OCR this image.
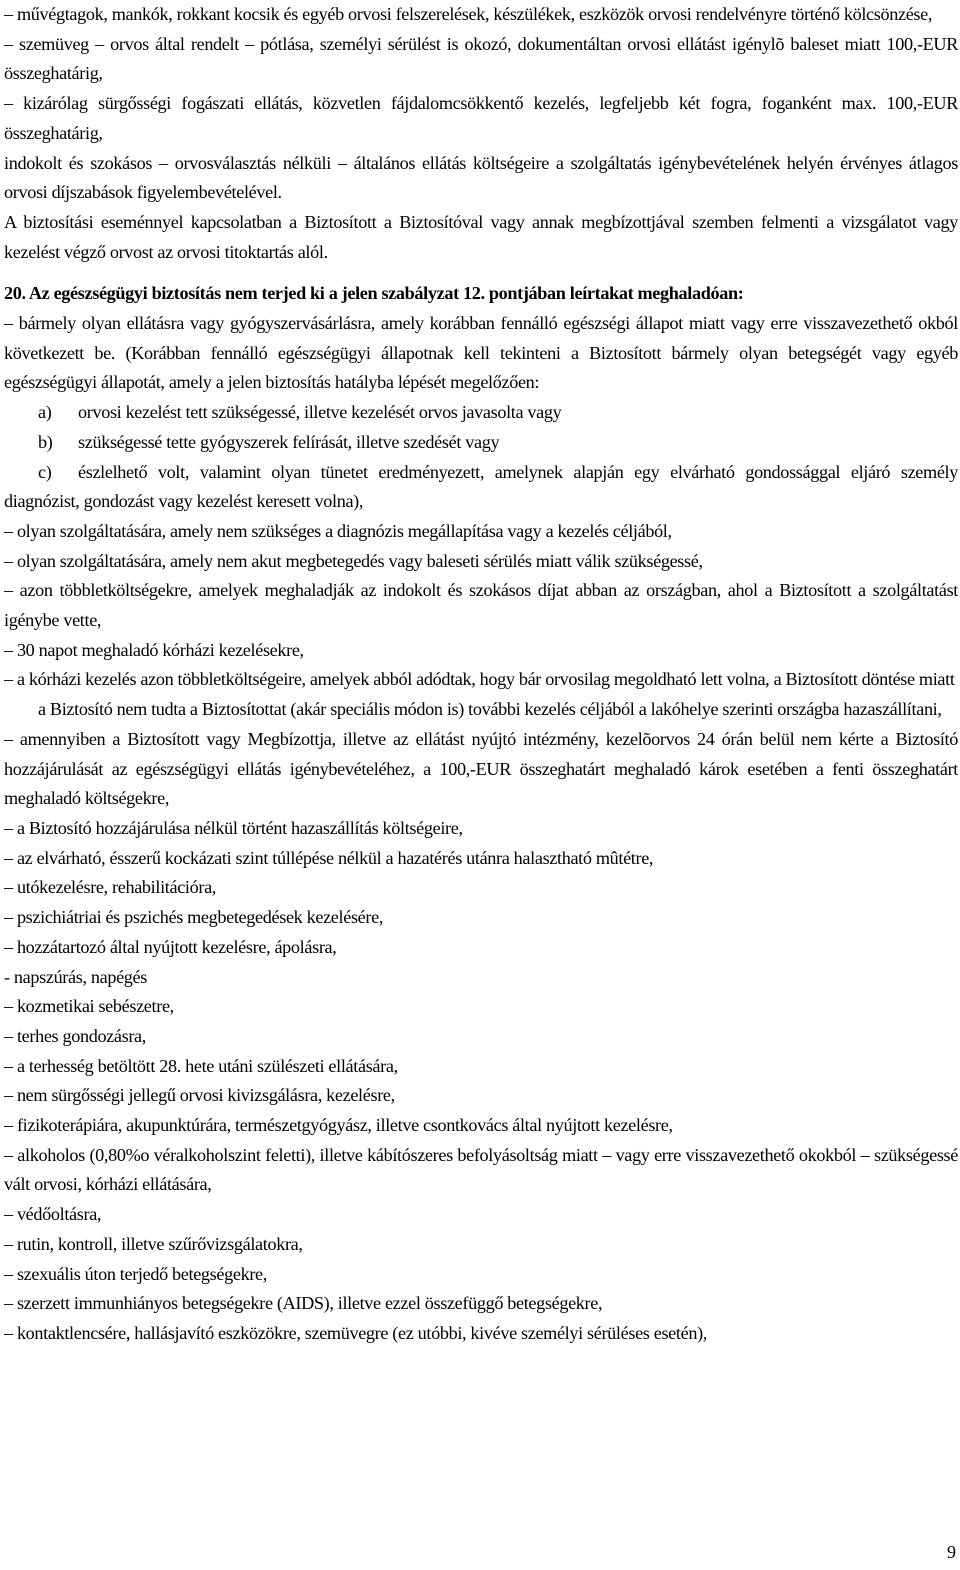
– művégtagok, mankók, rokkant kocsik és egyéb orvosi felszerelések, készülékek, eszközök orvosi rendelvényre történő kölcsönzése,

– szemüveg – orvos által rendelt – pótlása, személyi sérülést is okozó, dokumentáltan orvosi ellátást igénylõ baleset miatt 100,-EUR összeghatárig,

– kizárólag sürgősségi fogászati ellátás, közvetlen fájdalomcsökkentő kezelés, legfeljebb két fogra, foganként max. 100,-EUR összeghatárig,

indokolt és szokásos – orvosválasztás nélküli – általános ellátás költségeire a szolgáltatás igénybevételének helyén érvényes átlagos orvosi díjszabások figyelembevételével.

A biztosítási eseménnyel kapcsolatban a Biztosított a Biztosítóval vagy annak megbízottjával szemben felmenti a vizsgálatot vagy kezelést végző orvost az orvosi titoktartás alól.

20. Az egészségügyi biztosítás nem terjed ki a jelen szabályzat 12. pontjában leírtakat meghaladóan:

– bármely olyan ellátásra vagy gyógyszervásárlásra, amely korábban fennálló egészségi állapot miatt vagy erre visszavezethető okból következett be. (Korábban fennálló egészségügyi állapotnak kell tekinteni a Biztosított bármely olyan betegségét vagy egyéb egészségügyi állapotát, amely a jelen biztosítás hatályba lépését megelőzően:

a) orvosi kezelést tett szükségessé, illetve kezelését orvos javasolta vagy

b) szükségessé tette gyógyszerek felírását, illetve szedését vagy

c) észlelhető volt, valamint olyan tünetet eredményezett, amelynek alapján egy elvárható gondossággal eljáró személy diagnózist, gondozást vagy kezelést keresett volna),

– olyan szolgáltatására, amely nem szükséges a diagnózis megállapítása vagy a kezelés céljából,

– olyan szolgáltatására, amely nem akut megbetegedés vagy baleseti sérülés miatt válik szükségessé,

– azon többletköltségekre, amelyek meghaladják az indokolt és szokásos díjat abban az országban, ahol a Biztosított a szolgáltatást igénybe vette,

– 30 napot meghaladó kórházi kezelésekre,

– a kórházi kezelés azon többletköltségeire, amelyek abból adódtak, hogy bár orvosilag megoldható lett volna, a Biztosított döntése miatt

a Biztosító nem tudta a Biztosítottat (akár speciális módon is) további kezelés céljából a lakóhelye szerinti országba hazaszállítani,

– amennyiben a Biztosított vagy Megbízottja, illetve az ellátást nyújtó intézmény, kezelõorvos 24 órán belül nem kérte a Biztosító hozzájárulását az egészségügyi ellátás igénybevételéhez, a 100,-EUR összeghatárt meghaladó károk esetében a fenti összeghatárt meghaladó költségekre,

– a Biztosító hozzájárulása nélkül történt hazaszállítás költségeire,

– az elvárható, ésszerű kockázati szint túllépése nélkül a hazatérés utánra halasztható mûtétre,

– utókezelésre, rehabilitációra,

– pszichiátriai és pszichés megbetegedések kezelésére,

– hozzátartozó által nyújtott kezelésre, ápolásra,

- napszúrás, napégés

– kozmetikai sebészetre,

– terhes gondozásra,

– a terhesség betöltött 28. hete utáni szülészeti ellátására,

– nem sürgősségi jellegű orvosi kivizsgálásra, kezelésre,

– fizikoterápiára, akupunktúrára, természetgyógyász, illetve csontkovács által nyújtott kezelésre,

– alkoholos (0,80%o véralkoholszint feletti), illetve kábítószeres befolyásoltság miatt – vagy erre visszavezethető okokból – szükségessé vált orvosi, kórházi ellátására,

– védőoltásra,

– rutin, kontroll, illetve szűrővizsgálatokra,

– szexuális úton terjedő betegségekre,

– szerzett immunhiányos betegségekre (AIDS), illetve ezzel összefüggő betegségekre,

– kontaktlencsére, hallásjavító eszközökre, szemüvegre (ez utóbbi, kivéve személyi sérüléses esetén),

9
